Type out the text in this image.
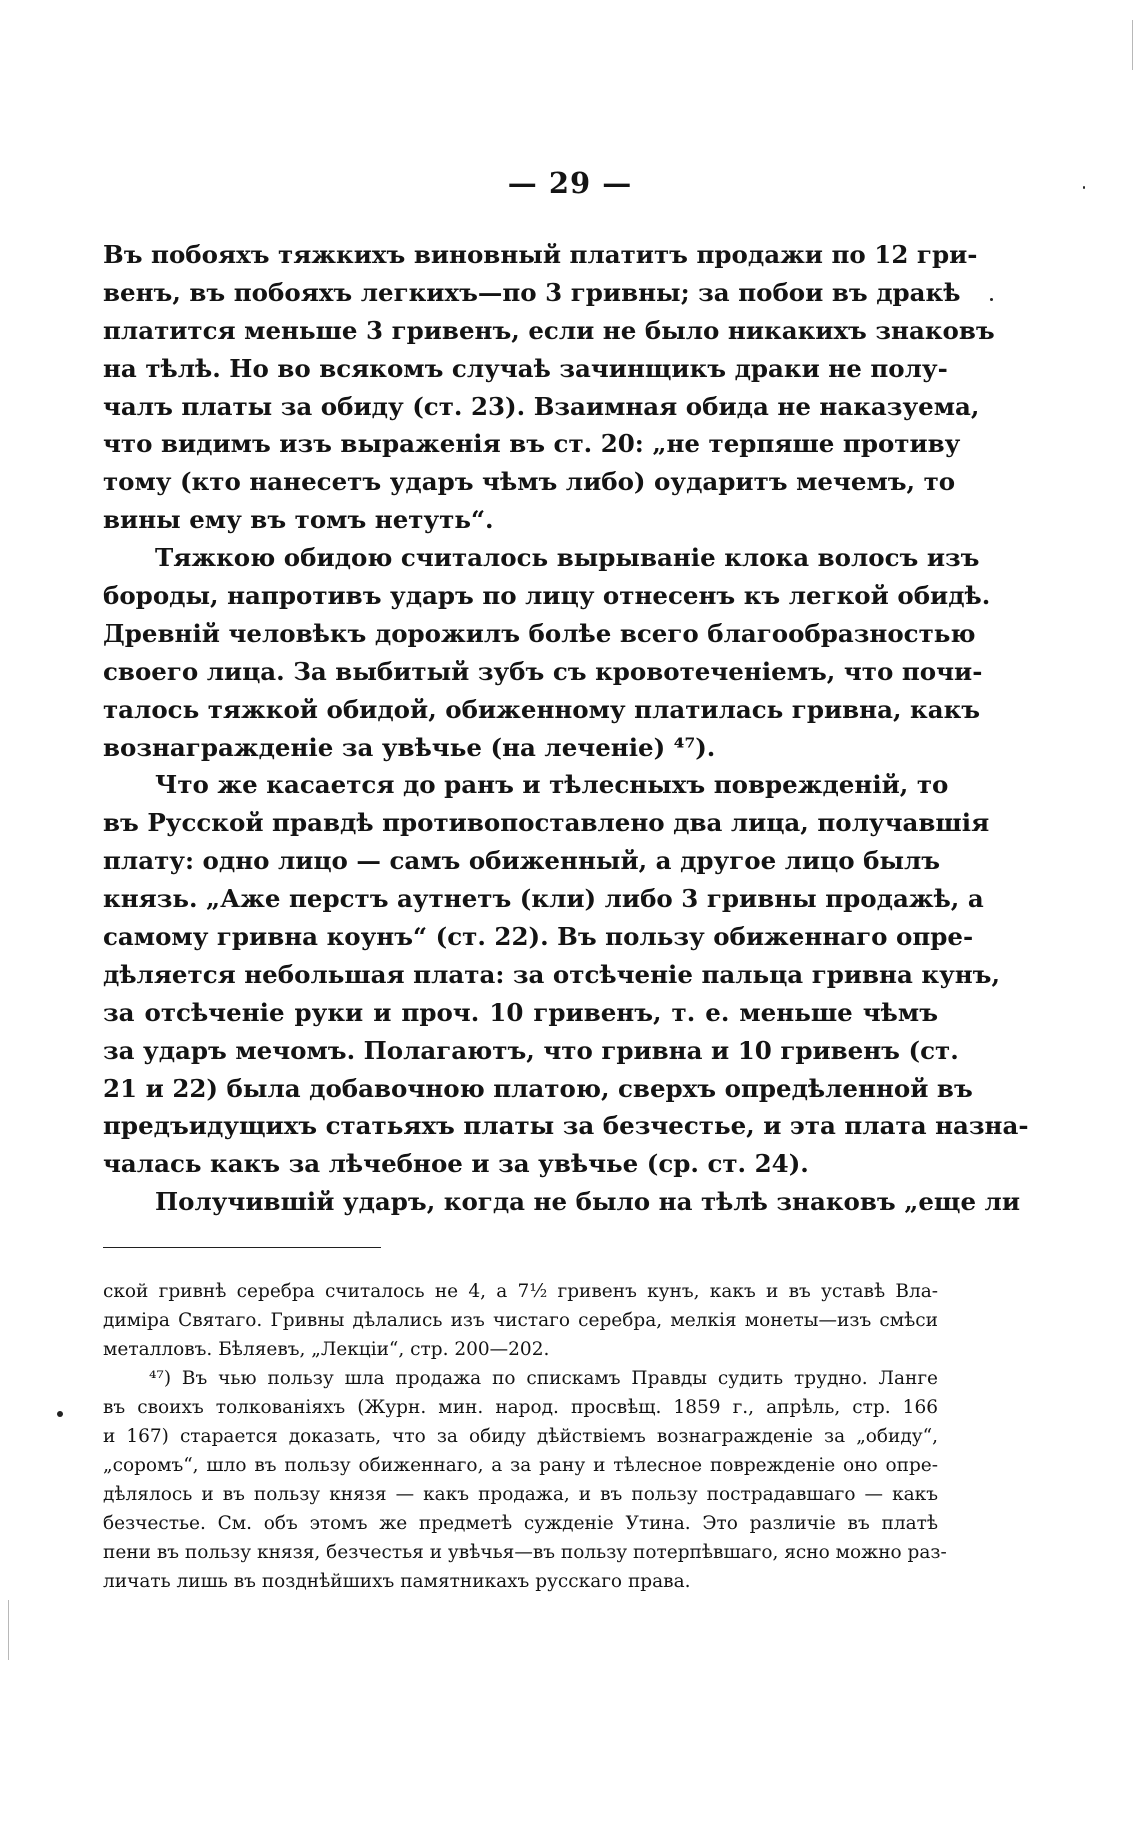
— 29 —
Въ побояхъ тяжкихъ виновный платитъ продажи по 12 гри-
венъ, въ побояхъ легкихъ—по 3 гривны; за побои въ дракѣ
платится меньше 3 гривенъ, если не было никакихъ знаковъ
на тѣлѣ. Но во всякомъ случаѣ зачинщикъ драки не полу-
чалъ платы за обиду (ст. 23). Взаимная обида не наказуема,
что видимъ изъ выраженія въ ст. 20: „не терпяше противу
тому (кто нанесетъ ударъ чѣмъ либо) оударитъ мечемъ, то
вины ему въ томъ нетуть“.
Тяжкою обидою считалось вырыванiе клока волосъ изъ
бороды, напротивъ ударъ по лицу отнесенъ къ легкой обидѣ.
Древнiй человѣкъ дорожилъ болѣе всего благообразностью
своего лица. За выбитый зубъ съ кровотеченiемъ, что почи-
талось тяжкой обидой, обиженному платилась гривна, какъ
вознагражденiе за увѣчье (на леченiе) ⁴⁷).
Что же касается до ранъ и тѣлесныхъ поврежденiй, то
въ Русской правдѣ противопоставлено два лица, получавшiя
плату: одно лицо — самъ обиженный, а другое лицо былъ
князь. „Аже перстъ аутнетъ (кли) либо 3 гривны продажѣ, а
самому гривна коунъ“ (ст. 22). Въ пользу обиженнаго опре-
дѣляется небольшая плата: за отсѣченiе пальца гривна кунъ,
за отсѣченiе руки и проч. 10 гривенъ, т. е. меньше чѣмъ
за ударъ мечомъ. Полагаютъ, что гривна и 10 гривенъ (ст.
21 и 22) была добавочною платою, сверхъ опредѣленной въ
предъидущихъ статьяхъ платы за безчестье, и эта плата назна-
чалась какъ за лѣчебное и за увѣчье (ср. ст. 24).
Получившiй ударъ, когда не было на тѣлѣ знаковъ „еще ли
ской гривнѣ серебра считалось не 4, а 7½ гривенъ кунъ, какъ и въ уставѣ Вла-
димiра Святаго. Гривны дѣлались изъ чистаго серебра, мелкiя монеты—изъ смѣси
металловъ. Бѣляевъ, „Лекцiи“, стр. 200—202.
⁴⁷) Въ чью пользу шла продажа по спискамъ Правды судить трудно. Ланге
въ своихъ толкованiяхъ (Журн. мин. народ. просвѣщ. 1859 г., апрѣль, стр. 166
и 167) старается доказать, что за обиду дѣйствiемъ вознагражденiе за „обиду“,
„соромъ“, шло въ пользу обиженнаго, а за рану и тѣлесное поврежденiе оно опре-
дѣлялось и въ пользу князя — какъ продажа, и въ пользу пострадавшаго — какъ
безчестье. См. объ этомъ же предметѣ сужденiе Утина. Это различiе въ платѣ
пени въ пользу князя, безчестья и увѣчья—въ пользу потерпѣвшаго, ясно можно раз-
личать лишь въ позднѣйшихъ памятникахъ русскаго права.
